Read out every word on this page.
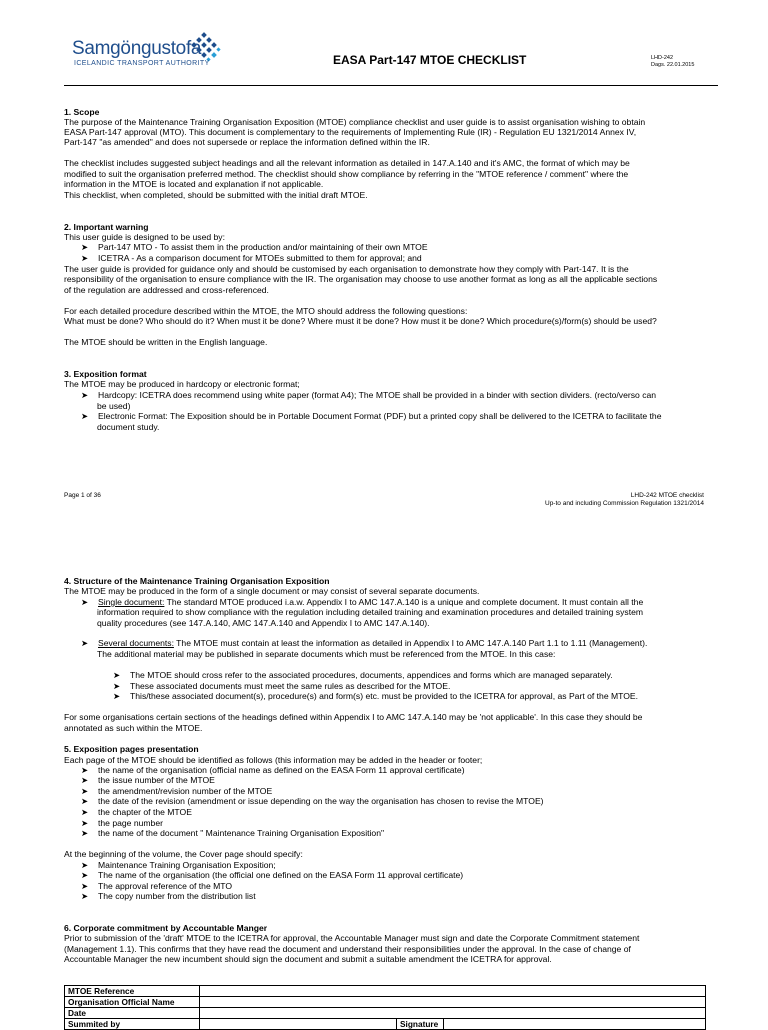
Samgöngustofa
ICELANDIC TRANSPORT AUTHORITY	EASA Part-147 MTOE CHECKLIST	LHD-242
Dags. 22.01.2015
1. Scope
The purpose of the Maintenance Training Organisation Exposition (MTOE) compliance checklist and user guide is to assist organisation wishing to obtain
EASA Part-147 approval (MTO). This document is complementary to the requirements of Implementing Rule (IR) - Regulation EU 1321/2014 Annex IV,
Part-147 "as amended" and does not supersede or replace the information defined within the IR.
The checklist includes suggested subject headings and all the relevant information as detailed in 147.A.140 and it's AMC, the format of which may be
modified to suit the organisation preferred method. The checklist should show compliance by referring in the "MTOE reference / comment" where the
information in the MTOE is located and explanation if not applicable.
This checklist, when completed, should be submitted with the initial draft MTOE.
2. Important warning
This user guide is designed to be used by:
➤ Part-147 MTO - To assist them in the production and/or maintaining of their own MTOE
➤ ICETRA - As a comparison document for MTOEs submitted to them for approval; and
The user guide is provided for guidance only and should be customised by each organisation to demonstrate how they comply with Part-147. It is the
responsibility of the organisation to ensure compliance with the IR. The organisation may choose to use another format as long as all the applicable sections
of the regulation are addressed and cross-referenced.
For each detailed procedure described within the MTOE, the MTO should address the following questions:
What must be done? Who should do it? When must it be done? Where must it be done? How must it be done? Which procedure(s)/form(s) should be used?
The MTOE should be written in the English language.
3. Exposition format
The MTOE may be produced in hardcopy or electronic format;
➤ Hardcopy: ICETRA does recommend using white paper (format A4); The MTOE shall be provided in a binder with section dividers. (recto/verso can
be used)
➤ Electronic Format: The Exposition should be in Portable Document Format (PDF) but a printed copy shall be delivered to the ICETRA to facilitate the
document study.
Page 1 of 36	LHD-242 MTOE checklist
Up-to and including Commission Regulation 1321/2014
4. Structure of the Maintenance Training Organisation Exposition
The MTOE may be produced in the form of a single document or may consist of several separate documents.
➤ Single document: The standard MTOE produced i.a.w. Appendix I to AMC 147.A.140 is a unique and complete document. It must contain all the
information required to show compliance with the regulation including detailed training and examination procedures and detailed training system
quality procedures (see 147.A.140, AMC 147.A.140 and Appendix I to AMC 147.A.140).
➤ Several documents: The MTOE must contain at least the information as detailed in Appendix I to AMC 147.A.140 Part 1.1 to 1.11 (Management).
The additional material may be published in separate documents which must be referenced from the MTOE. In this case:
➤ The MTOE should cross refer to the associated procedures, documents, appendices and forms which are managed separately.
➤ These associated documents must meet the same rules as described for the MTOE.
➤ This/these associated document(s), procedure(s) and form(s) etc. must be provided to the ICETRA for approval, as Part of the MTOE.
For some organisations certain sections of the headings defined within Appendix I to AMC 147.A.140 may be 'not applicable'. In this case they should be
annotated as such within the MTOE.
5. Exposition pages presentation
Each page of the MTOE should be identified as follows (this information may be added in the header or footer;
➤ the name of the organisation (official name as defined on the EASA Form 11 approval certificate)
➤ the issue number of the MTOE
➤ the amendment/revision number of the MTOE
➤ the date of the revision (amendment or issue depending on the way the organisation has chosen to revise the MTOE)
➤ the chapter of the MTOE
➤ the page number
➤ the name of the document " Maintenance Training Organisation Exposition"
At the beginning of the volume, the Cover page should specify:
➤ Maintenance Training Organisation Exposition;
➤ The name of the organisation (the official one defined on the EASA Form 11 approval certificate)
➤ The approval reference of the MTO
➤ The copy number from the distribution list
6. Corporate commitment by Accountable Manger
Prior to submission of the 'draft' MTOE to the ICETRA for approval, the Accountable Manager must sign and date the Corporate Commitment statement
(Management 1.1). This confirms that they have read the document and understand their responsibilities under the approval. In the case of change of
Accountable Manager the new incumbent should sign the document and submit a suitable amendment the ICETRA for approval.
MTOE Reference			
Organisation Official Name			
Date			
Summited by		Signature	
